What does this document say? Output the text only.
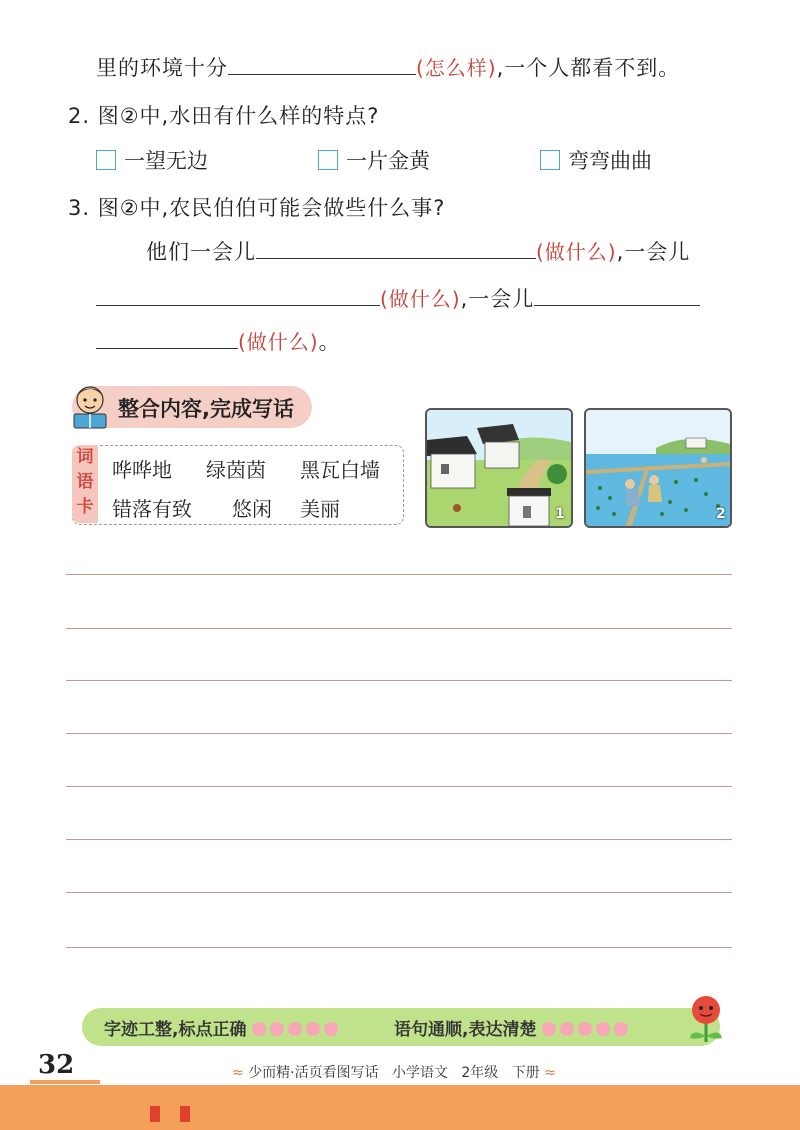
里的环境十分	(怎么样),一个人都看不到。
2. 图②中,水田有什么样的特点?
一望无边	一片金黄	弯弯曲曲
3. 图②中,农民伯伯可能会做些什么事?
他们一会儿	(做什么),一会儿
(做什么),一会儿
(做什么)。
整合内容,完成写话
词
语
卡
哗哗地 绿茵茵 黑瓦白墙
错落有致 悠闲 美丽	1	2
字迹工整,标点正确	语句通顺,表达清楚
32	≈ 少而精·活页看图写话 小学语文 2年级 下册 ≈
